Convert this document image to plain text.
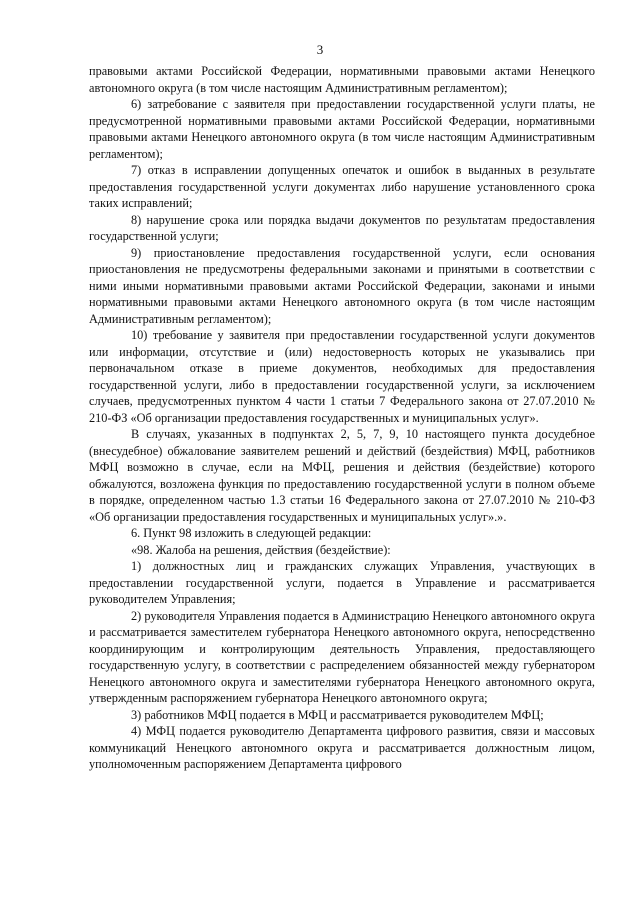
3

правовыми актами Российской Федерации, нормативными правовыми актами Ненецкого автономного округа (в том числе настоящим Административным регламентом);

6) затребование с заявителя при предоставлении государственной услуги платы, не предусмотренной нормативными правовыми актами Российской Федерации, нормативными правовыми актами Ненецкого автономного округа (в том числе настоящим Административным регламентом);

7) отказ в исправлении допущенных опечаток и ошибок в выданных в результате предоставления государственной услуги документах либо нарушение установленного срока таких исправлений;

8) нарушение срока или порядка выдачи документов по результатам предоставления государственной услуги;

9) приостановление предоставления государственной услуги, если основания приостановления не предусмотрены федеральными законами и принятыми в соответствии с ними иными нормативными правовыми актами Российской Федерации, законами и иными нормативными правовыми актами Ненецкого автономного округа (в том числе настоящим Административным регламентом);

10) требование у заявителя при предоставлении государственной услуги документов или информации, отсутствие и (или) недостоверность которых не указывались при первоначальном отказе в приеме документов, необходимых для предоставления государственной услуги, либо в предоставлении государственной услуги, за исключением случаев, предусмотренных пунктом 4 части 1 статьи 7 Федерального закона от 27.07.2010 № 210-ФЗ «Об организации предоставления государственных и муниципальных услуг».

В случаях, указанных в подпунктах 2, 5, 7, 9, 10 настоящего пункта досудебное (внесудебное) обжалование заявителем решений и действий (бездействия) МФЦ, работников МФЦ возможно в случае, если на МФЦ, решения и действия (бездействие) которого обжалуются, возложена функция по предоставлению государственной услуги в полном объеме в порядке, определенном частью 1.3 статьи 16 Федерального закона от 27.07.2010 № 210-ФЗ «Об организации предоставления государственных и муниципальных услуг».».

6. Пункт 98 изложить в следующей редакции:

«98. Жалоба на решения, действия (бездействие):

1) должностных лиц и гражданских служащих Управления, участвующих в предоставлении государственной услуги, подается в Управление и рассматривается руководителем Управления;

2) руководителя Управления подается в Администрацию Ненецкого автономного округа и рассматривается заместителем губернатора Ненецкого автономного округа, непосредственно координирующим и контролирующим деятельность Управления, предоставляющего государственную услугу, в соответствии с распределением обязанностей между губернатором Ненецкого автономного округа и заместителями губернатора Ненецкого автономного округа, утвержденным распоряжением губернатора Ненецкого автономного округа;

3) работников МФЦ подается в МФЦ и рассматривается руководителем МФЦ;

4) МФЦ подается руководителю Департамента цифрового развития, связи и массовых коммуникаций Ненецкого автономного округа и рассматривается должностным лицом, уполномоченным распоряжением Департамента цифрового
